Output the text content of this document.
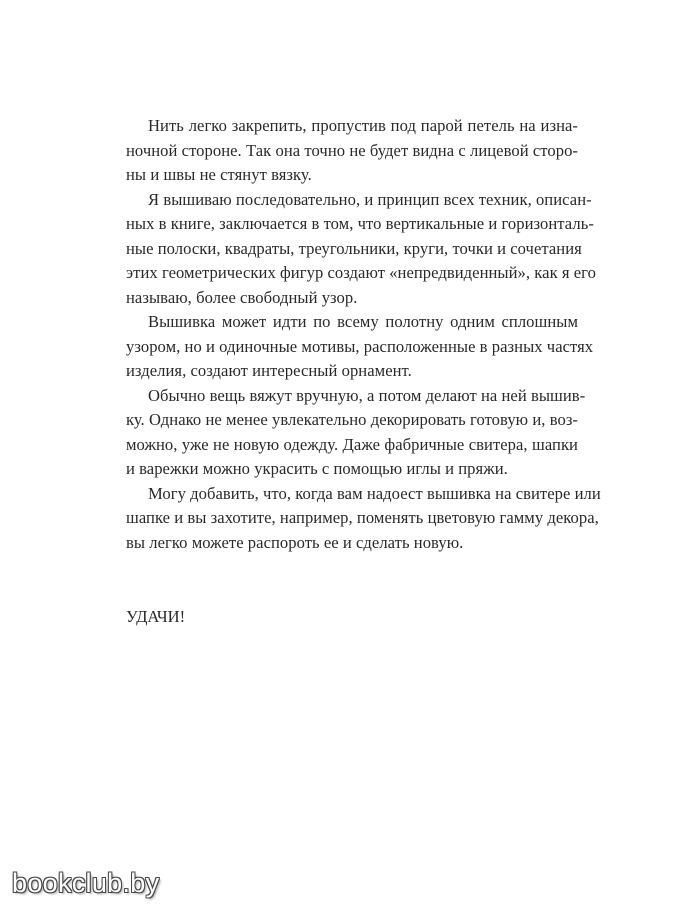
Нить легко закрепить, пропустив под парой петель на изна-
ночной стороне. Так она точно не будет видна с лицевой сторо-
ны и швы не стянут вязку.
Я вышиваю последовательно, и принцип всех техник, описан-
ных в книге, заключается в том, что вертикальные и горизонталь-
ные полоски, квадраты, треугольники, круги, точки и сочетания
этих геометрических фигур создают «непредвиденный», как я его
называю, более свободный узор.
Вышивка может идти по всему полотну одним сплошным
узором, но и одиночные мотивы, расположенные в разных частях
изделия, создают интересный орнамент.
Обычно вещь вяжут вручную, а потом делают на ней вышив-
ку. Однако не менее увлекательно декорировать готовую и, воз-
можно, уже не новую одежду. Даже фабричные свитера, шапки
и варежки можно украсить с помощью иглы и пряжи.
Могу добавить, что, когда вам надоест вышивка на свитере или
шапке и вы захотите, например, поменять цветовую гамму декора,
вы легко можете распороть ее и сделать новую.
УДАЧИ!
bookclub.by
